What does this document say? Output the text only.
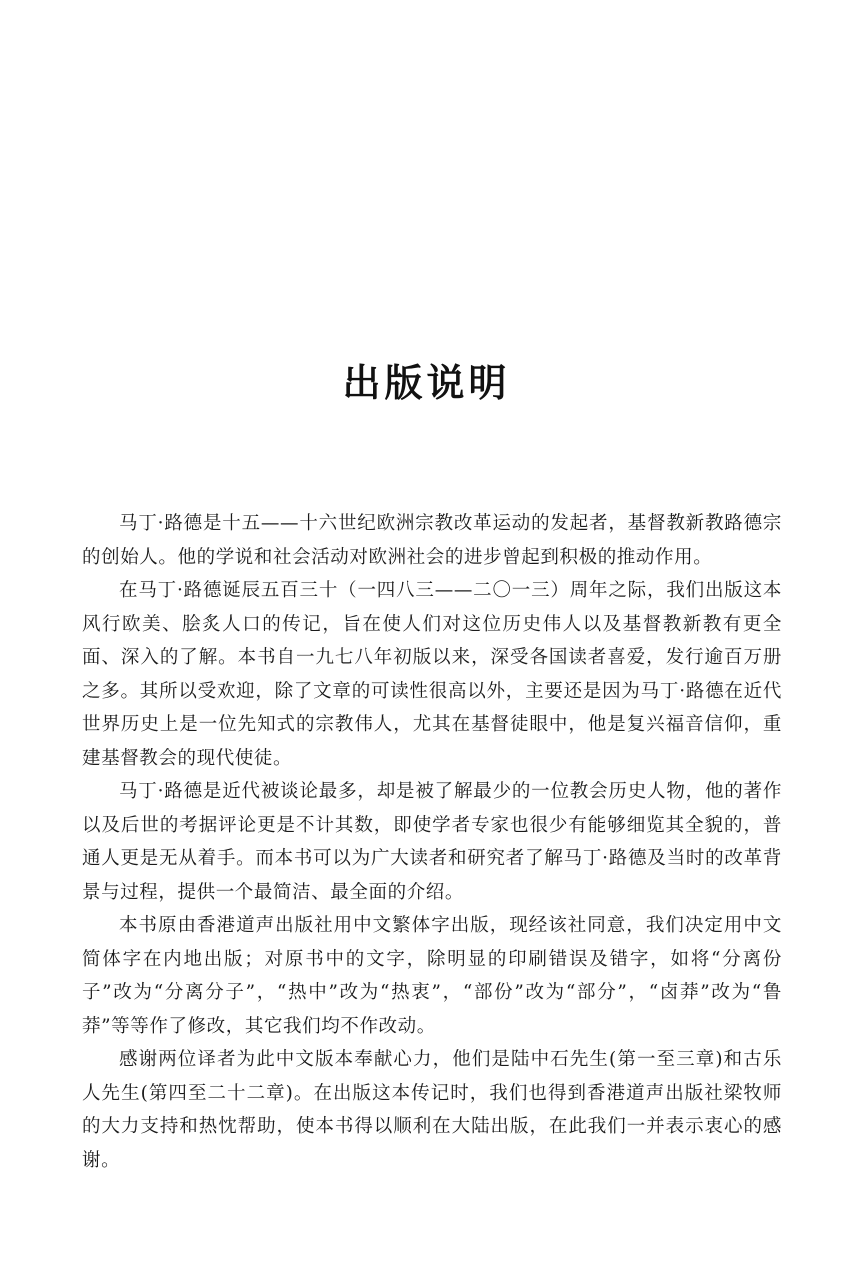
出版说明

马丁·路德是十五——十六世纪欧洲宗教改革运动的发起者，基督教新教路德宗的创始人。他的学说和社会活动对欧洲社会的进步曾起到积极的推动作用。

在马丁·路德诞辰五百三十（一四八三——二〇一三）周年之际，我们出版这本风行欧美、脍炙人口的传记，旨在使人们对这位历史伟人以及基督教新教有更全面、深入的了解。本书自一九七八年初版以来，深受各国读者喜爱，发行逾百万册之多。其所以受欢迎，除了文章的可读性很高以外，主要还是因为马丁·路德在近代世界历史上是一位先知式的宗教伟人，尤其在基督徒眼中，他是复兴福音信仰，重建基督教会的现代使徒。

马丁·路德是近代被谈论最多，却是被了解最少的一位教会历史人物，他的著作以及后世的考据评论更是不计其数，即使学者专家也很少有能够细览其全貌的，普通人更是无从着手。而本书可以为广大读者和研究者了解马丁·路德及当时的改革背景与过程，提供一个最简洁、最全面的介绍。

本书原由香港道声出版社用中文繁体字出版，现经该社同意，我们决定用中文简体字在内地出版；对原书中的文字，除明显的印刷错误及错字，如将“分离份子”改为“分离分子”，“热中”改为“热衷”，“部份”改为“部分”，“卤莽”改为“鲁莽”等等作了修改，其它我们均不作改动。

感谢两位译者为此中文版本奉献心力，他们是陆中石先生(第一至三章)和古乐人先生(第四至二十二章)。在出版这本传记时，我们也得到香港道声出版社梁牧师的大力支持和热忱帮助，使本书得以顺利在大陆出版，在此我们一并表示衷心的感谢。
